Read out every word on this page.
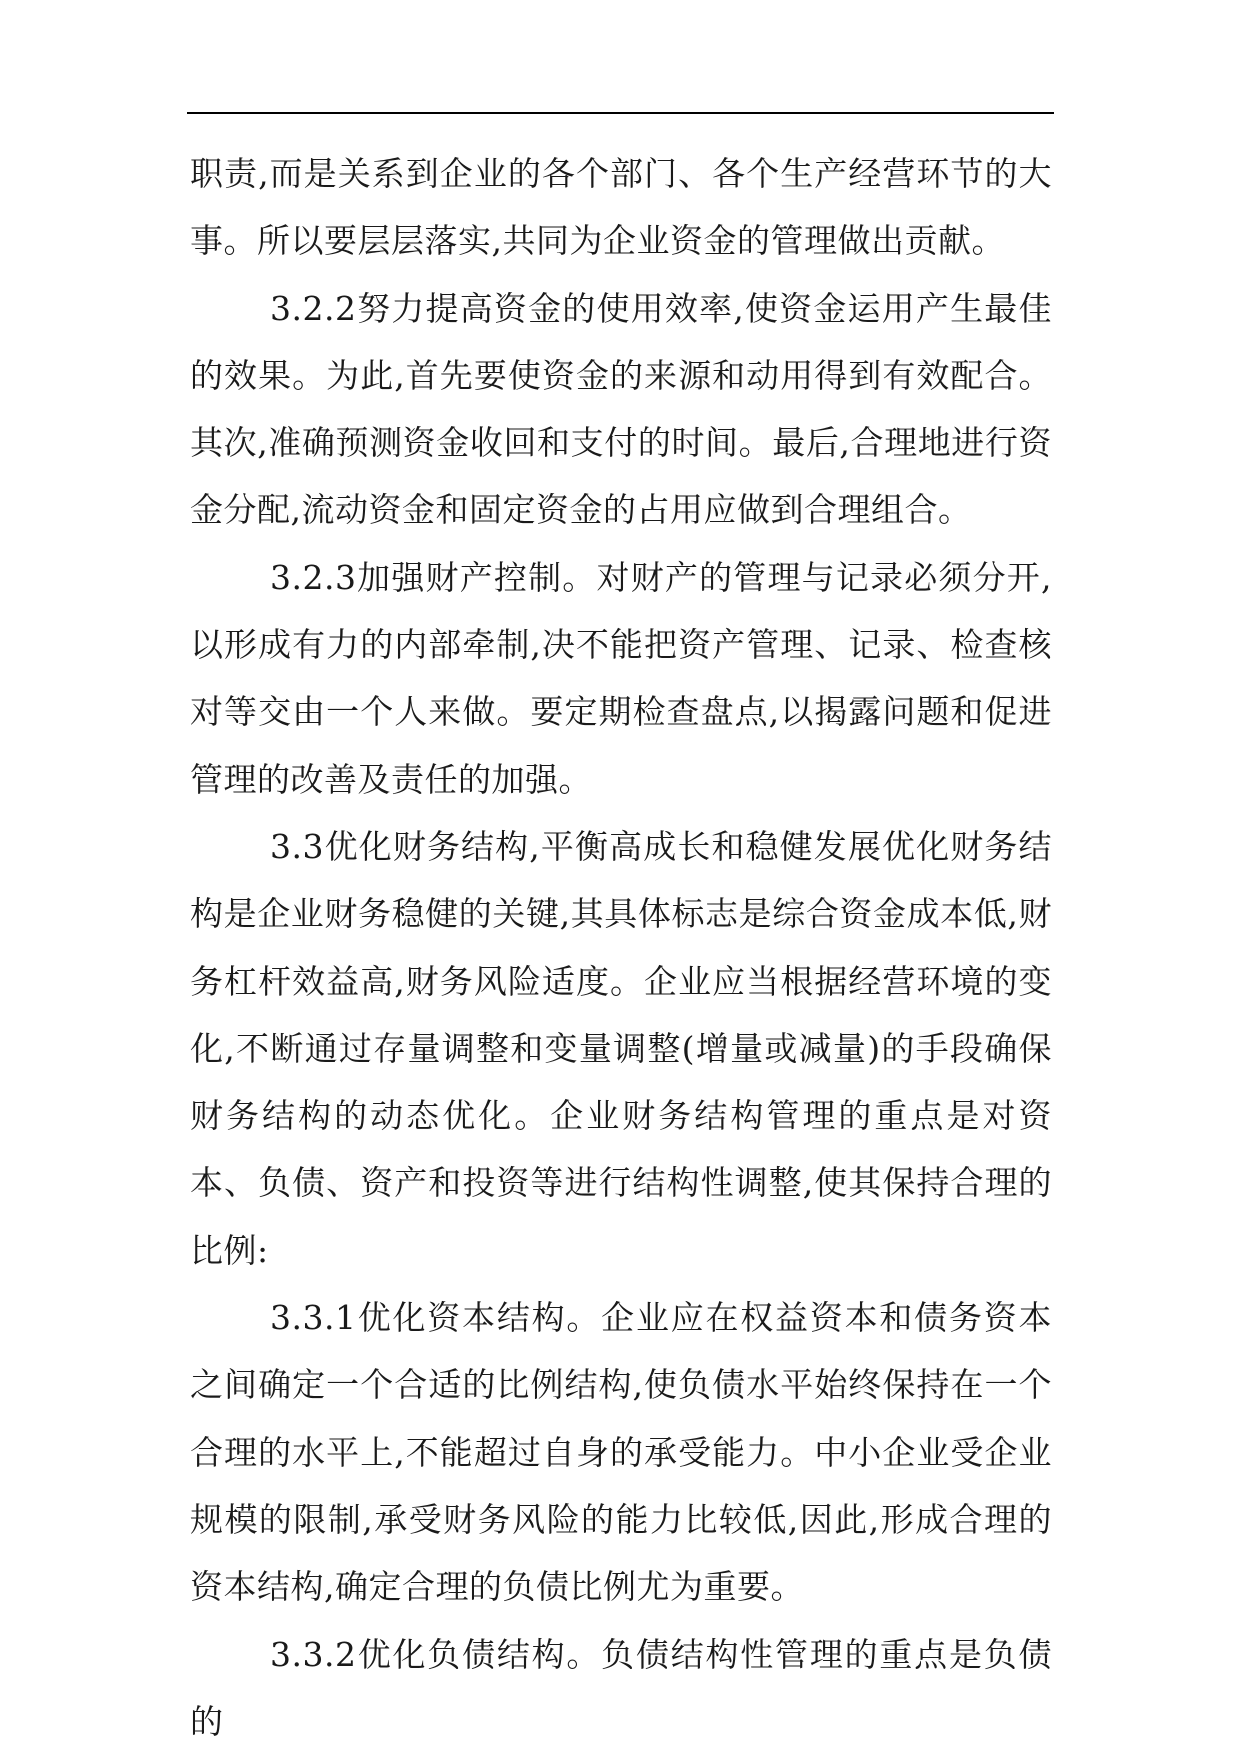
职责,而是关系到企业的各个部门、各个生产经营环节的大事。所以要层层落实,共同为企业资金的管理做出贡献。

3.2.2努力提高资金的使用效率,使资金运用产生最佳的效果。为此,首先要使资金的来源和动用得到有效配合。其次,准确预测资金收回和支付的时间。最后,合理地进行资金分配,流动资金和固定资金的占用应做到合理组合。

3.2.3加强财产控制。对财产的管理与记录必须分开,以形成有力的内部牵制,决不能把资产管理、记录、检查核对等交由一个人来做。要定期检查盘点,以揭露问题和促进管理的改善及责任的加强。

3.3优化财务结构,平衡高成长和稳健发展优化财务结构是企业财务稳健的关键,其具体标志是综合资金成本低,财务杠杆效益高,财务风险适度。企业应当根据经营环境的变化,不断通过存量调整和变量调整(增量或减量)的手段确保财务结构的动态优化。企业财务结构管理的重点是对资本、负债、资产和投资等进行结构性调整,使其保持合理的比例:

3.3.1优化资本结构。企业应在权益资本和债务资本之间确定一个合适的比例结构,使负债水平始终保持在一个合理的水平上,不能超过自身的承受能力。中小企业受企业规模的限制,承受财务风险的能力比较低,因此,形成合理的资本结构,确定合理的负债比例尤为重要。

3.3.2优化负债结构。负债结构性管理的重点是负债的
